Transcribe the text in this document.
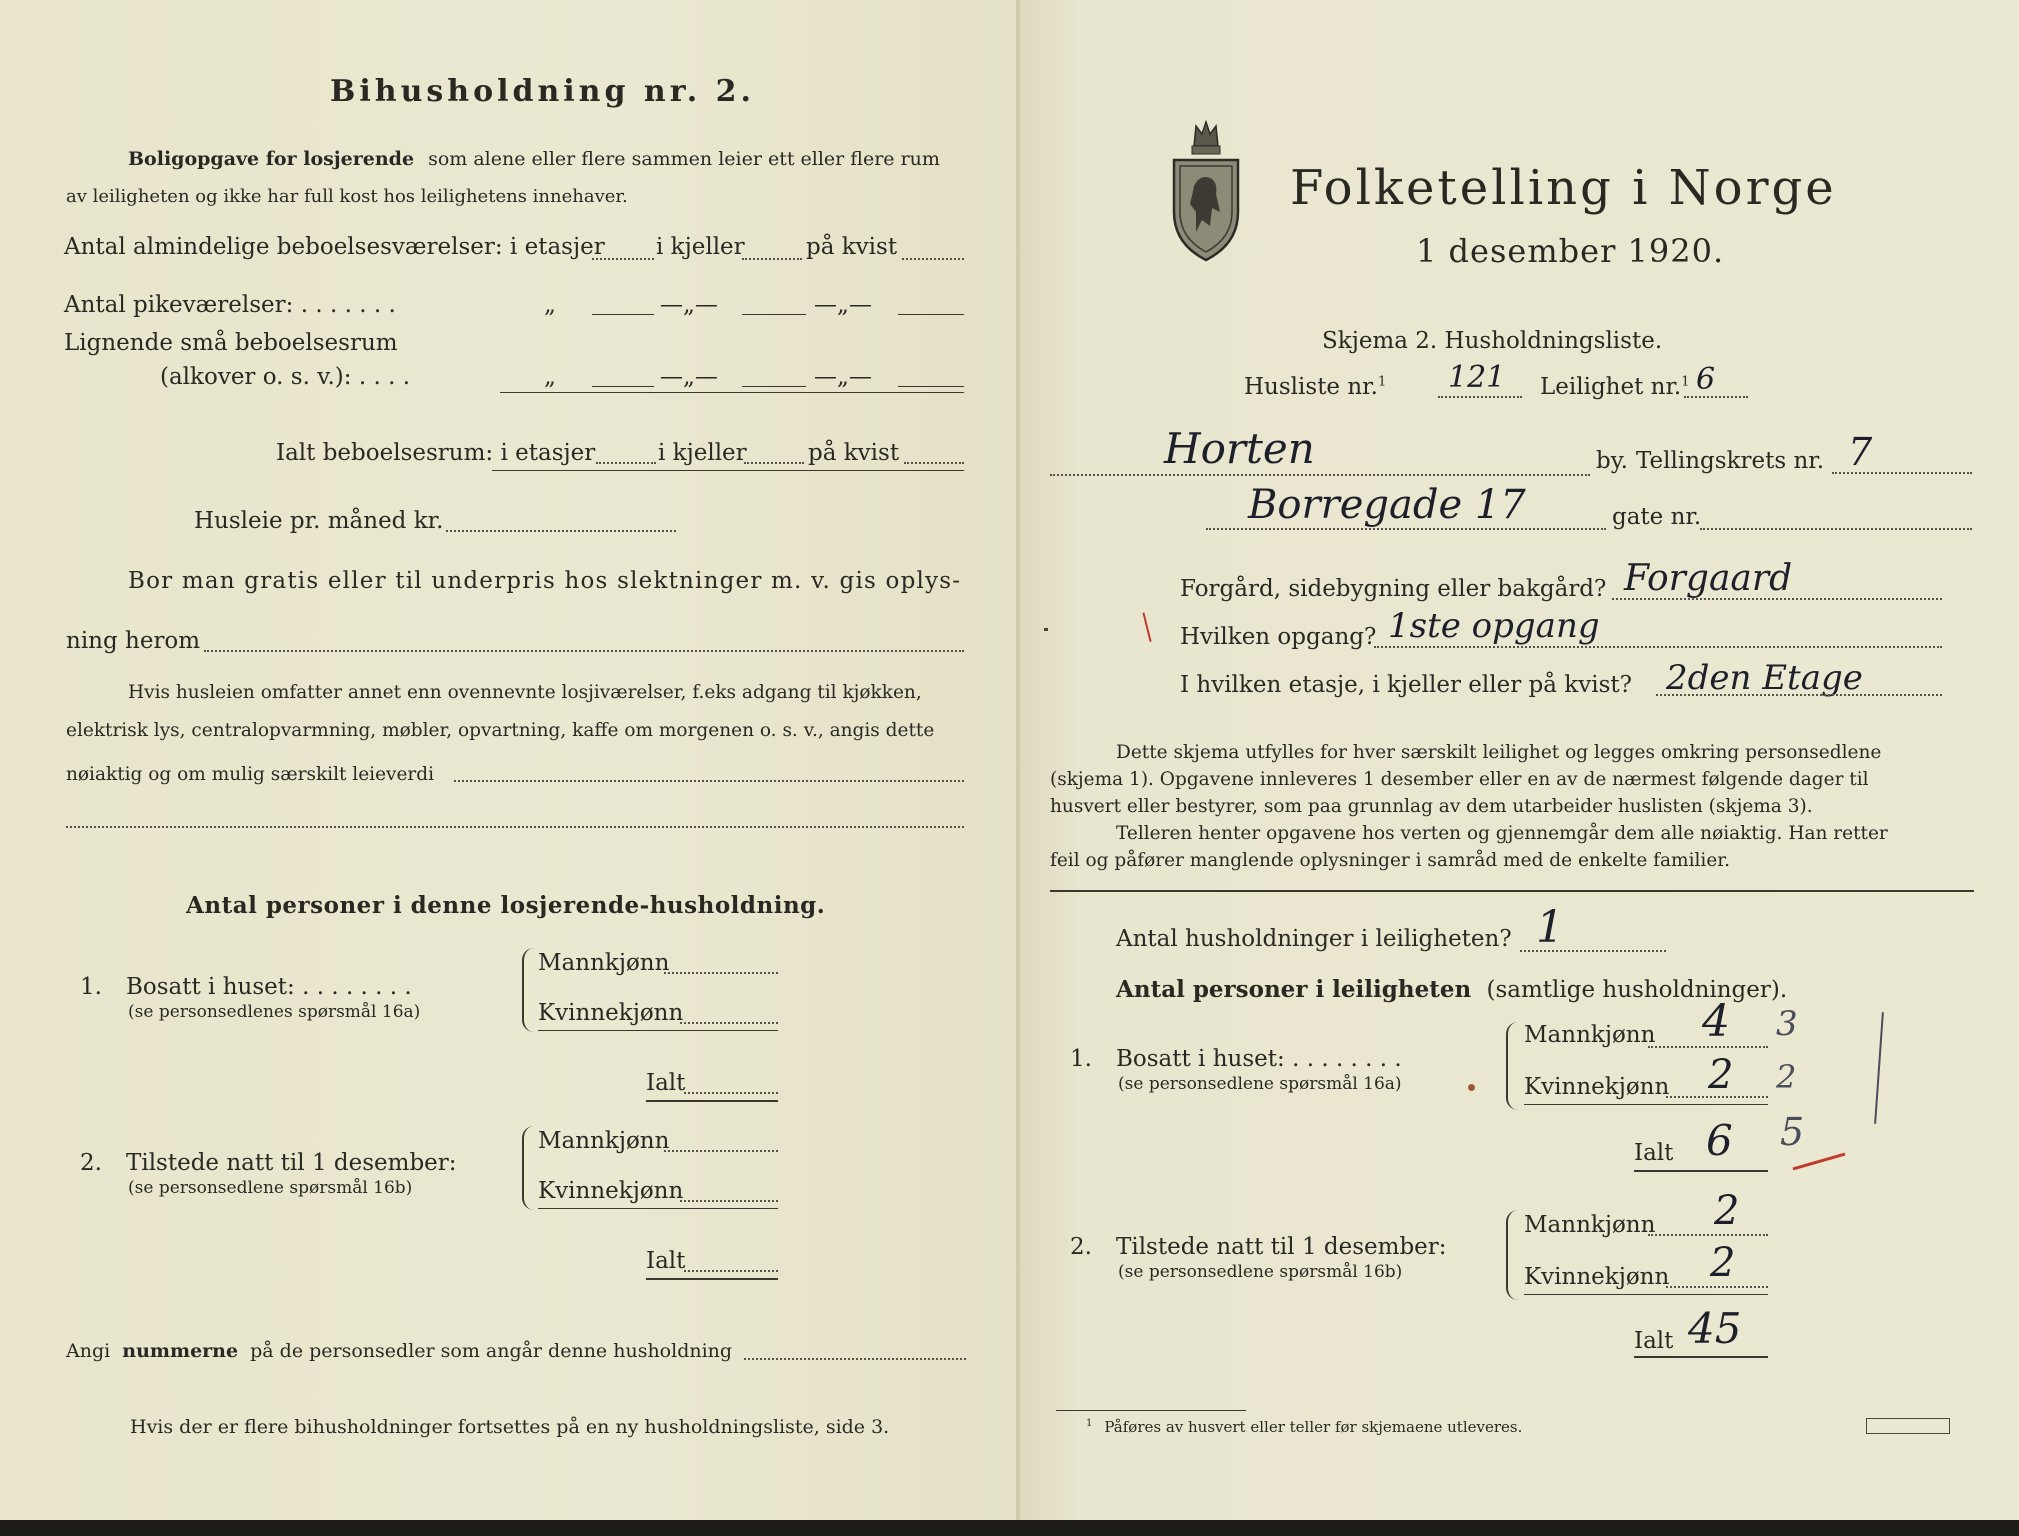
Bihusholdning nr. 2.
Boligopgave for losjerende som alene eller flere sammen leier ett eller flere rum
av leiligheten og ikke har full kost hos leilighetens innehaver.
Antal almindelige beboelsesværelser: i etasjer i kjeller	på kvist
Antal pikeværelser: . . . . . . .	„	—„—	—„—
Lignende små beboelsesrum
(alkover o. s. v.): . . . .	„	—„—	—„—
Ialt beboelsesrum: i etasjer	i kjeller	på kvist
Husleie pr. måned kr.
Bor man gratis eller til underpris hos slektninger m. v. gis oplys-
ning herom
Hvis husleien omfatter annet enn ovennevnte losjiværelser, f.eks adgang til kjøkken,
elektrisk lys, centralopvarmning, møbler, opvartning, kaffe om morgenen o. s. v., angis dette
nøiaktig og om mulig særskilt leieverdi
Antal personer i denne losjerende-husholdning.
1. Bosatt i huset: . . . . . . . .
(se personsedlenes spørsmål 16a)
Mannkjønn
Kvinnekjønn
Ialt
2. Tilstede natt til 1 desember:
(se personsedlene spørsmål 16b)
Mannkjønn
Kvinnekjønn
Ialt
Angi nummerne på de personsedler som angår denne husholdning
Hvis der er flere bihusholdninger fortsettes på en ny husholdningsliste, side 3.
Folketelling i Norge
1 desember 1920.
Skjema 2. Husholdningsliste.
Husliste nr.$^1$ 121 Leilighet nr.$^1$ 6
Horten	by. Tellingskrets nr. 7
Borregade 17	gate nr.
Forgård, sidebygning eller bakgård? Forgaard
Hvilken opgang? 1ste opgang
I hvilken etasje, i kjeller eller på kvist? 2den Etage
Dette skjema utfylles for hver særskilt leilighet og legges omkring personsedlene
(skjema 1). Opgavene innleveres 1 desember eller en av de nærmest følgende dager til
husvert eller bestyrer, som paa grunnlag av dem utarbeider huslisten (skjema 3).
Telleren henter opgavene hos verten og gjennemgår dem alle nøiaktig. Han retter
feil og påfører manglende oplysninger i samråd med de enkelte familier.
Antal husholdninger i leiligheten? 1
Antal personer i leiligheten (samtlige husholdninger).
1. Bosatt i huset: . . . . . . . .
(se personsedlene spørsmål 16a)
Mannkjønn 4 3
Kvinnekjønn 2 2
Ialt 6 5
2. Tilstede natt til 1 desember:
(se personsedlene spørsmål 16b)
Mannkjønn 2
Kvinnekjønn 2
Ialt 45
$^1$ Påføres av husvert eller teller før skjemaene utleveres.
